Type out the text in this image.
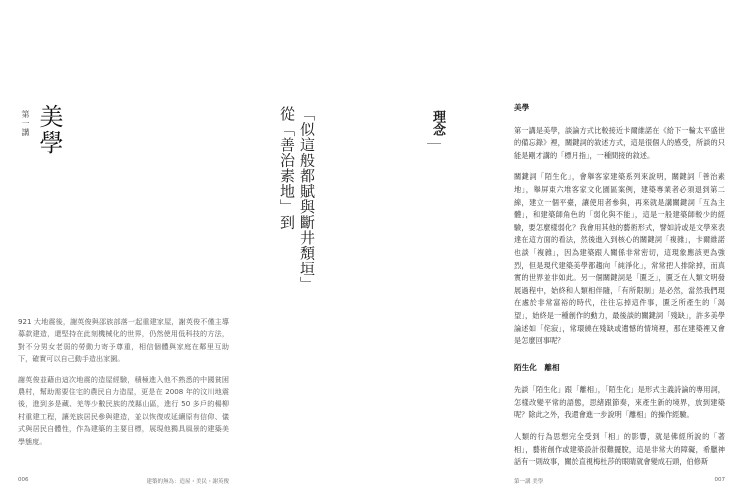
第一講 美學	「似這般都賦與斷井頽垣」
從「善治素地」到

921 大地震後，謝英俊與邵族部落一起重建家屋，謝英俊不僅主導募款建造，還堅持在此刻機械化的世界，仍然使用低科技的方法，對不分男女老弱的勞動力寄予尊重，相信個體與家庭在鄰里互助下，確實可以自己動手造出家園。

謝英俊並藉由這次地震的造屋經驗，積極進入他不熟悉的中國貧困農村，幫助需要住宅的農民自力造屋，更是在 2008 年的汶川地震後，進到多是藏、羌等少數民族的茂縣山區，進行 50 多戶的楊柳村重建工程，讓羌族居民參與建造，並以恢復或延續原有信仰、儀式與居民自體性，作為建築的主要目標，展現他獨具風景的建築美學態度。

006	建築的無為：造屋・美民・謝英俊
理念
美學

第一講是美學，談論方式比較接近卡爾維諾在《給下一輪太平盛世的備忘錄》裡，關鍵詞的敘述方式，這是很個人的感受，所談的只能是剛才講的「標月指」，一種間接的敘述。

關鍵詞「陌生化」，會舉客家建築系列來說明，關鍵詞「善治素地」，舉屏東六堆客家文化園區案例，建築專業者必須退到第二線，建立一個平臺，讓使用者參與，再來就是講關鍵詞「互為主體」，和建築師角色的「弱化與不能」，這是一般建築師較少的經驗，要怎麼樣弱化？我會用其他的藝術形式，譬如詩或是文學來表達在這方面的看法，然後進入到核心的關鍵詞「複雜」，卡爾維諾也談「複雜」，因為建築跟人關係非常密切，這現象應該更為強烈，但是現代建築美學都趨向「純淨化」，常常把人排除掉，而真實的世界並非如此。另一個關鍵詞是「匱乏」，匱乏在人類文明發展過程中，始終和人類相伴隨，「有所限制」是必然，當然我們現在處於非常富裕的時代，往往忘掉這件事，匱乏所產生的「渴望」，始終是一種創作的動力，最後談的關鍵詞「殘缺」，許多美學論述如「侘寂」，常環繞在殘缺或遺憾的情境裡，那在建築裡又會是怎麼回事呢？

陌生化　離相

先談「陌生化」跟「離相」，「陌生化」是形式主義詩論的專用詞，怎樣改變平常的語態，思緒跟節奏，來產生新的境界，放到建築呢？除此之外，我還會進一步說明「離相」的操作經驗。

人類的行為思想完全受到「相」的影響，就是佛經所說的「著相」，藝術創作或建築設計很難擺脫，這是非常大的障礙，希臘神話有一則故事，關於直視梅杜莎的眼睛就會變成石頭，伯修斯

第一講 美學	007
